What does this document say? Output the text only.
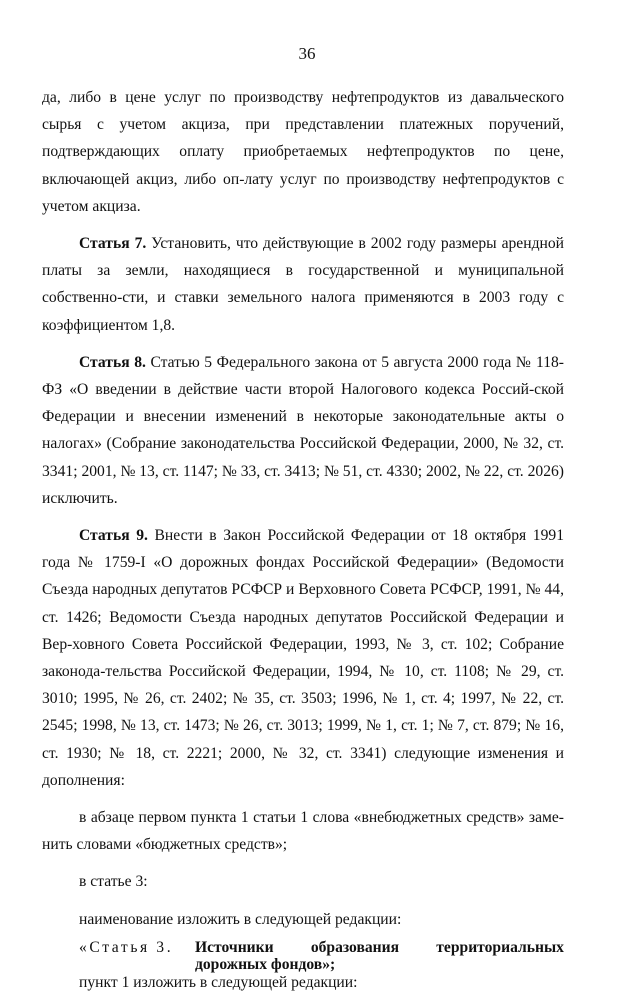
36

да, либо в цене услуг по производству нефтепродуктов из давальческого сырья с учетом акциза, при представлении платежных поручений, подтверждающих оплату приобретаемых нефтепродуктов по цене, включающей акциз, либо оп-лату услуг по производству нефтепродуктов с учетом акциза.

Статья 7. Установить, что действующие в 2002 году размеры арендной платы за земли, находящиеся в государственной и муниципальной собственно-сти, и ставки земельного налога применяются в 2003 году с коэффициентом 1,8.

Статья 8. Статью 5 Федерального закона от 5 августа 2000 года № 118-ФЗ «О введении в действие части второй Налогового кодекса Россий-ской Федерации и внесении изменений в некоторые законодательные акты о налогах» (Собрание законодательства Российской Федерации, 2000, № 32, ст. 3341; 2001, № 13, ст. 1147; № 33, ст. 3413; № 51, ст. 4330; 2002, № 22, ст. 2026) исключить.

Статья 9. Внести в Закон Российской Федерации от 18 октября 1991 года № 1759-I «О дорожных фондах Российской Федерации» (Ведомости Съезда народных депутатов РСФСР и Верховного Совета РСФСР, 1991, № 44, ст. 1426; Ведомости Съезда народных депутатов Российской Федерации и Вер-ховного Совета Российской Федерации, 1993, № 3, ст. 102; Собрание законода-тельства Российской Федерации, 1994, № 10, ст. 1108; № 29, ст. 3010; 1995, № 26, ст. 2402; № 35, ст. 3503; 1996, № 1, ст. 4; 1997, № 22, ст. 2545; 1998, № 13, ст. 1473; № 26, ст. 3013; 1999, № 1, ст. 1; № 7, ст. 879; № 16, ст. 1930; № 18, ст. 2221; 2000, № 32, ст. 3341) следующие изменения и дополнения:

в абзаце первом пункта 1 статьи 1 слова «внебюджетных средств» заме-нить словами «бюджетных средств»;

в статье 3:

наименование изложить в следующей редакции:

«Статья 3.	Источники образования территориальных
дорожных фондов»;

пункт 1 изложить в следующей редакции:
